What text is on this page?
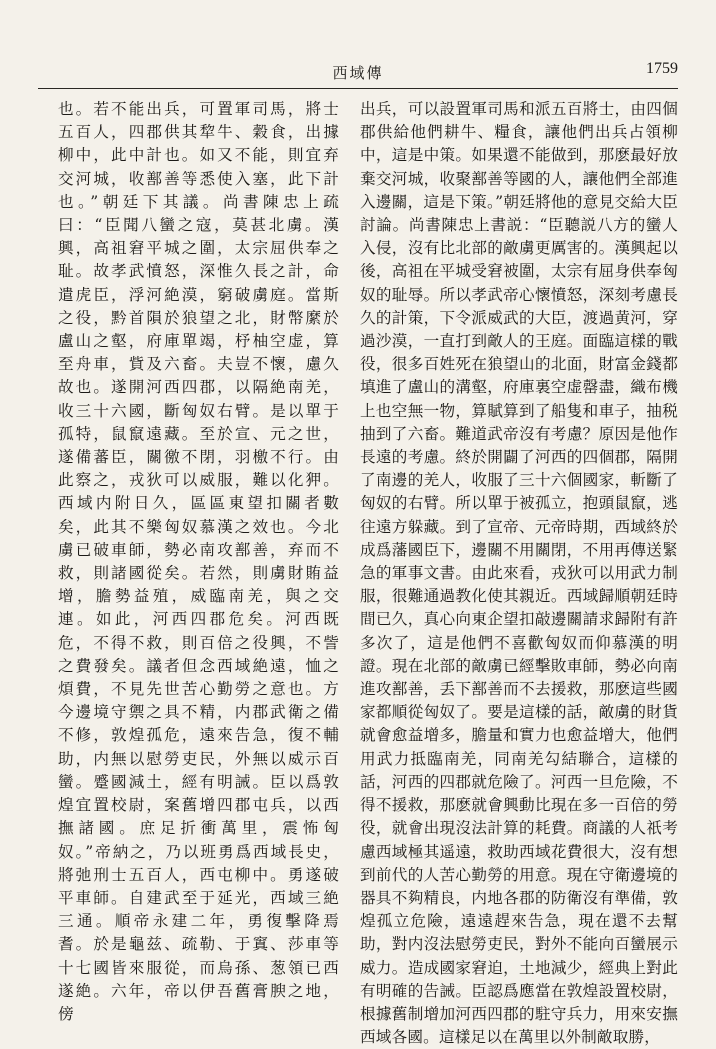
西域傳	1759

也。若不能出兵，可置軍司馬，將士五百人，四郡供其犂牛、穀食，出據柳中，此中計也。如又不能，則宜弃交河城，收鄯善等悉使入塞，此下計也。”朝廷下其議。尚書陳忠上疏曰：“臣聞八蠻之寇，莫甚北虜。漢興，高祖窘平城之圍，太宗屈供奉之耻。故孝武憤怒，深惟久長之計，命遣虎臣，浮河絶漠，窮破虜庭。當斯之役，黔首隕於狼望之北，財幣縻於盧山之壑，府庫單竭，杼柚空虚，算至舟車，貲及六畜。夫豈不懷，慮久故也。遂開河西四郡，以隔絶南羌，收三十六國，斷匈奴右臂。是以單于孤特，鼠竄遠藏。至於宣、元之世，遂備蕃臣，關徼不閉，羽檄不行。由此察之，戎狄可以威服，難以化狎。西域内附日久，區區東望扣關者數矣，此其不樂匈奴慕漢之效也。今北虜已破車師，勢必南攻鄯善，弃而不救，則諸國從矣。若然，則虜財賄益增，膽勢益殖，威臨南羌，與之交連。如此，河西四郡危矣。河西既危，不得不救，則百倍之役興，不訾之費發矣。議者但念西域絶遠，恤之煩費，不見先世苦心勤勞之意也。方今邊境守禦之具不精，内郡武衛之備不修，敦煌孤危，遠來告急，復不輔助，内無以慰勞吏民，外無以威示百蠻。蹙國減土，經有明誡。臣以爲敦煌宜置校尉，案舊增四郡屯兵，以西撫諸國。庶足折衝萬里，震怖匈奴。”帝納之，乃以班勇爲西域長史，將弛刑士五百人，西屯柳中。勇遂破平車師。自建武至于延光，西域三絶三通。順帝永建二年，勇復擊降焉耆。於是龜兹、疏勒、于窴、莎車等十七國皆來服從，而烏孫、葱領已西遂絶。六年，帝以伊吾舊膏腴之地，傍

出兵，可以設置軍司馬和派五百將士，由四個郡供給他們耕牛、糧食，讓他們出兵占領柳中，這是中策。如果還不能做到，那麽最好放棄交河城，收聚鄯善等國的人，讓他們全部進入邊關，這是下策。”朝廷將他的意見交給大臣討論。尚書陳忠上書説：“臣聽説八方的蠻人入侵，沒有比北部的敵虜更厲害的。漢興起以後，高祖在平城受窘被圍，太宗有屈身供奉匈奴的耻辱。所以孝武帝心懷憤怒，深刻考慮長久的計策，下令派威武的大臣，渡過黄河，穿過沙漠，一直打到敵人的王庭。面臨這樣的戰役，很多百姓死在狼望山的北面，財富金錢都填進了盧山的溝壑，府庫裏空虚罄盡，織布機上也空無一物，算賦算到了船隻和車子，抽税抽到了六畜。難道武帝沒有考慮？原因是他作長遠的考慮。終於開闢了河西的四個郡，隔開了南邊的羌人，收服了三十六個國家，斬斷了匈奴的右臂。所以單于被孤立，抱頭鼠竄，逃往遠方躲藏。到了宣帝、元帝時期，西域終於成爲藩國臣下，邊關不用關閉，不用再傳送緊急的軍事文書。由此來看，戎狄可以用武力制服，很難通過教化使其親近。西域歸順朝廷時間已久，真心向東企望扣敲邊關請求歸附有許多次了，這是他們不喜歡匈奴而仰慕漢的明證。現在北部的敵虜已經擊敗車師，勢必向南進攻鄯善，丢下鄯善而不去援救，那麽這些國家都順從匈奴了。要是這樣的話，敵虜的財貨就會愈益增多，膽量和實力也愈益增大，他們用武力抵臨南羌，同南羌勾結聯合，這樣的話，河西的四郡就危險了。河西一旦危險，不得不援救，那麽就會興動比現在多一百倍的勞役，就會出現沒法計算的耗費。商議的人祇考慮西域極其遥遠，救助西域花費很大，沒有想到前代的人苦心勤勞的用意。現在守衛邊境的器具不夠精良，内地各郡的防衛沒有準備，敦煌孤立危險，遠遠趕來告急，現在還不去幫助，對内沒法慰勞吏民，對外不能向百蠻展示威力。造成國家窘迫，土地減少，經典上對此有明確的告誡。臣認爲應當在敦煌設置校尉，根據舊制增加河西四郡的駐守兵力，用來安撫西域各國。這樣足以在萬里以外制敵取勝，
